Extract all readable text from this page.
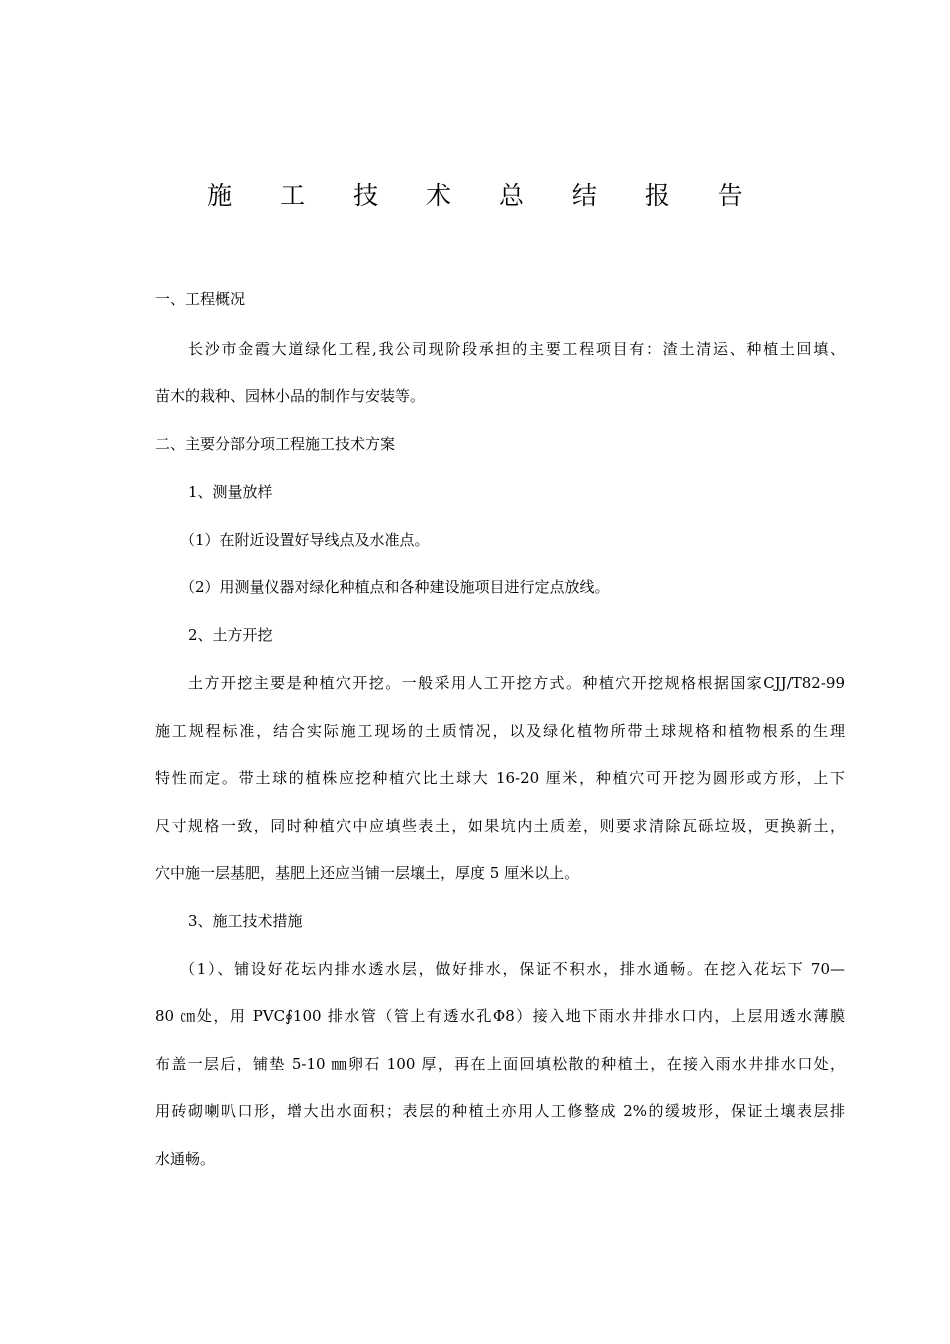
施 工 技 术 总 结 报 告

一、工程概况

长沙市金霞大道绿化工程,我公司现阶段承担的主要工程项目有：渣土清运、种植土回填、

苗木的栽种、园林小品的制作与安装等。

二、主要分部分项工程施工技术方案

1、测量放样

（1）在附近设置好导线点及水准点。

（2）用测量仪器对绿化种植点和各种建设施项目进行定点放线。

2、土方开挖

土方开挖主要是种植穴开挖。一般采用人工开挖方式。种植穴开挖规格根据国家CJJ/T82-99

施工规程标准，结合实际施工现场的土质情况，以及绿化植物所带土球规格和植物根系的生理

特性而定。带土球的植株应挖种植穴比土球大 16-20 厘米，种植穴可开挖为圆形或方形，上下

尺寸规格一致，同时种植穴中应填些表土，如果坑内土质差，则要求清除瓦砾垃圾，更换新土，

穴中施一层基肥，基肥上还应当铺一层壤土，厚度 5 厘米以上。

3、施工技术措施

（1）、铺设好花坛内排水透水层，做好排水，保证不积水，排水通畅。在挖入花坛下 70—

80 ㎝处，用 PVC∮100 排水管（管上有透水孔Φ8）接入地下雨水井排水口内，上层用透水薄膜

布盖一层后，铺垫 5-10 ㎜卵石 100 厚，再在上面回填松散的种植土，在接入雨水井排水口处，

用砖砌喇叭口形，增大出水面积；表层的种植土亦用人工修整成 2%的缓坡形，保证土壤表层排

水通畅。
